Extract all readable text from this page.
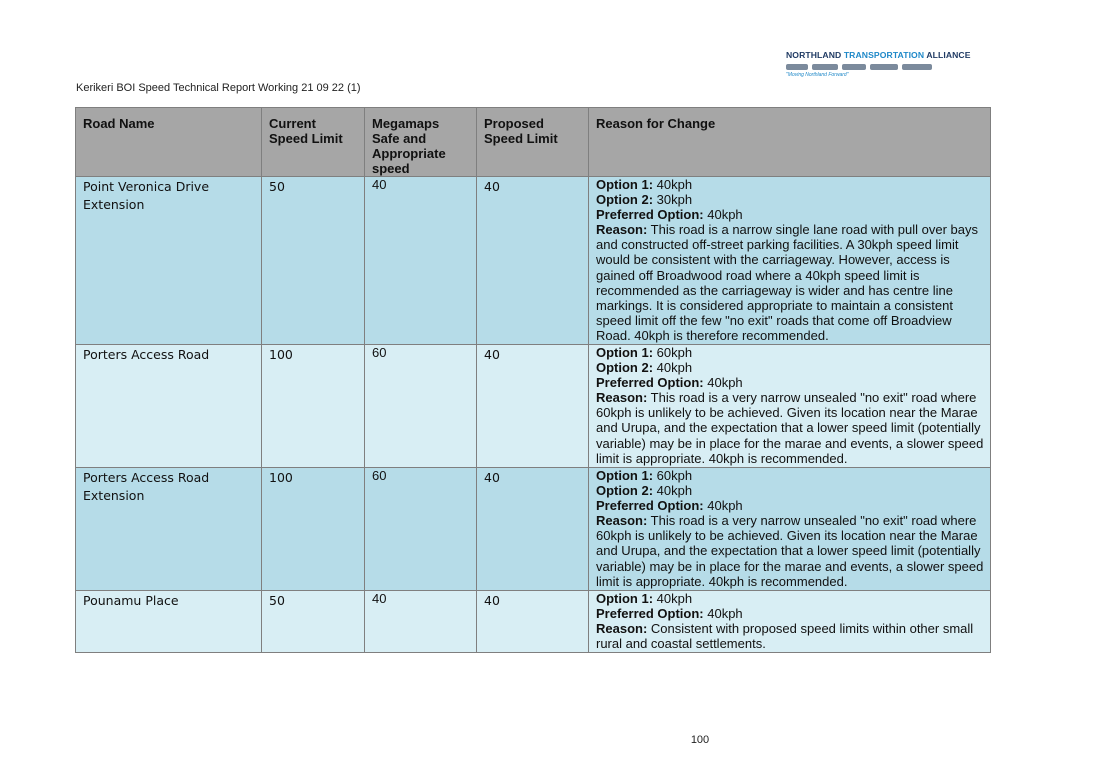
Kerikeri BOI Speed Technical Report Working 21 09 22 (1)
NORTHLAND TRANSPORTATION ALLIANCE
"Moving Northland Forward"
Road Name	Current Speed Limit	Megamaps Safe and Appropriate speed	Proposed Speed Limit	Reason for Change
Point Veronica Drive Extension	50	40	40	Option 1: 40kph
Option 2: 30kph
Preferred Option: 40kph
Reason: This road is a narrow single lane road with pull over bays and constructed off-street parking facilities. A 30kph speed limit would be consistent with the carriageway. However, access is gained off Broadwood road where a 40kph speed limit is recommended as the carriageway is wider and has centre line markings. It is considered appropriate to maintain a consistent speed limit off the few "no exit" roads that come off Broadview Road. 40kph is therefore recommended.

Porters Access Road	100	60	40	Option 1: 60kph
Option 2: 40kph
Preferred Option: 40kph
Reason: This road is a very narrow unsealed "no exit" road where 60kph is unlikely to be achieved. Given its location near the Marae and Urupa, and the expectation that a lower speed limit (potentially variable) may be in place for the marae and events, a slower speed limit is appropriate. 40kph is recommended.

Porters Access Road Extension	100	60	40	Option 1: 60kph
Option 2: 40kph
Preferred Option: 40kph
Reason: This road is a very narrow unsealed "no exit" road where 60kph is unlikely to be achieved. Given its location near the Marae and Urupa, and the expectation that a lower speed limit (potentially variable) may be in place for the marae and events, a slower speed limit is appropriate. 40kph is recommended.

Pounamu Place	50	40	40	Option 1: 40kph
Preferred Option: 40kph
Reason: Consistent with proposed speed limits within other small rural and coastal settlements.
100
